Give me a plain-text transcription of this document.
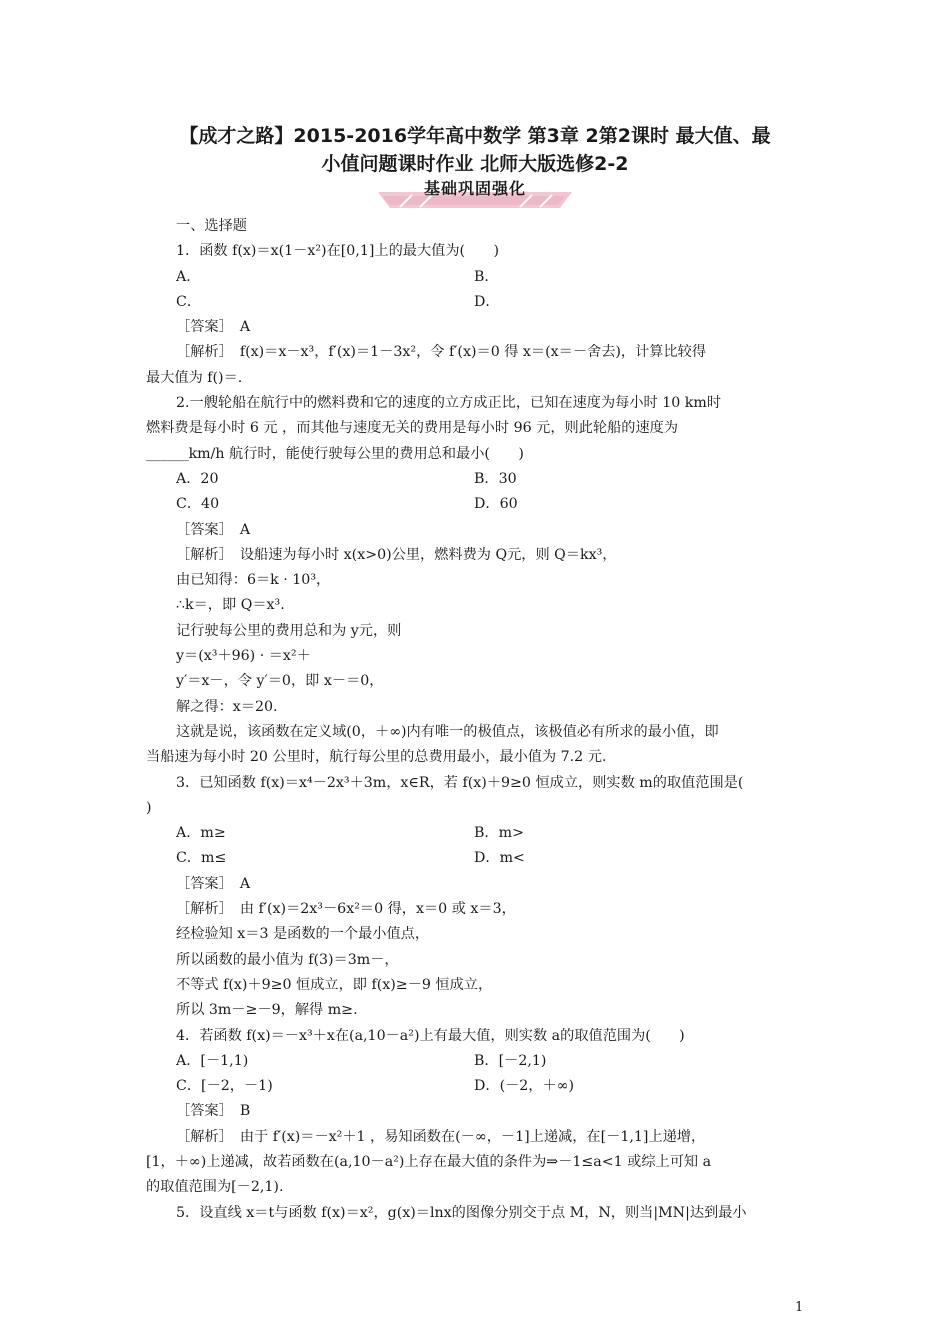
【成才之路】2015-2016学年高中数学 第3章 2第2课时 最大值、最
小值问题课时作业 北师大版选修2-2
基础巩固强化
一、选择题
1．函数 f(x)＝x(1－x²)在[0,1]上的最大值为(　　)
A．	B．
C．	D．
［答案］　A
［解析］　f(x)＝x－x³，f′(x)＝1－3x²，令 f′(x)＝0 得 x＝(x＝－舍去)，计算比较得
最大值为 f()＝.
2.一艘轮船在航行中的燃料费和它的速度的立方成正比，已知在速度为每小时 10 km时
燃料费是每小时 6 元 ，而其他与速度无关的费用是每小时 96 元，则此轮船的速度为
______km/h 航行时，能使行驶每公里的费用总和最小(　　)
A．20	B．30
C．40	D．60
［答案］　A
［解析］　设船速为每小时 x(x>0)公里，燃料费为 Q元，则 Q＝kx³，
由已知得：6＝k · 10³，
∴k＝，即 Q＝x³.
记行驶每公里的费用总和为 y元，则
y＝(x³＋96) · ＝x²＋
y′＝x－，令 y′＝0，即 x－＝0，
解之得：x＝20.
这就是说，该函数在定义域(0，＋∞)内有唯一的极值点，该极值必有所求的最小值，即
当船速为每小时 20 公里时，航行每公里的总费用最小，最小值为 7.2 元.
3．已知函数 f(x)＝x⁴－2x³＋3m，x∈R，若 f(x)＋9≥0 恒成立，则实数 m的取值范围是(
)
A．m≥	B．m>
C．m≤	D．m<
［答案］　A
［解析］　由 f′(x)＝2x³－6x²＝0 得，x＝0 或 x＝3，
经检验知 x＝3 是函数的一个最小值点，
所以函数的最小值为 f(3)＝3m－，
不等式 f(x)＋9≥0 恒成立，即 f(x)≥－9 恒成立，
所以 3m－≥－9，解得 m≥.
4．若函数 f(x)＝－x³＋x在(a,10－a²)上有最大值，则实数 a的取值范围为(　　)
A．[－1,1)	B．[－2,1)
C．[－2，－1)	D．(－2，＋∞)
［答案］　B
［解析］　由于 f′(x)＝－x²＋1 ，易知函数在(－∞，－1]上递减，在[－1,1]上递增，
[1，＋∞)上递减，故若函数在(a,10－a²)上存在最大值的条件为⇒－1≤a<1 或综上可知 a
的取值范围为[－2,1).
5．设直线 x＝t与函数 f(x)＝x²，g(x)＝lnx的图像分别交于点 M，N，则当|MN|达到最小
1
